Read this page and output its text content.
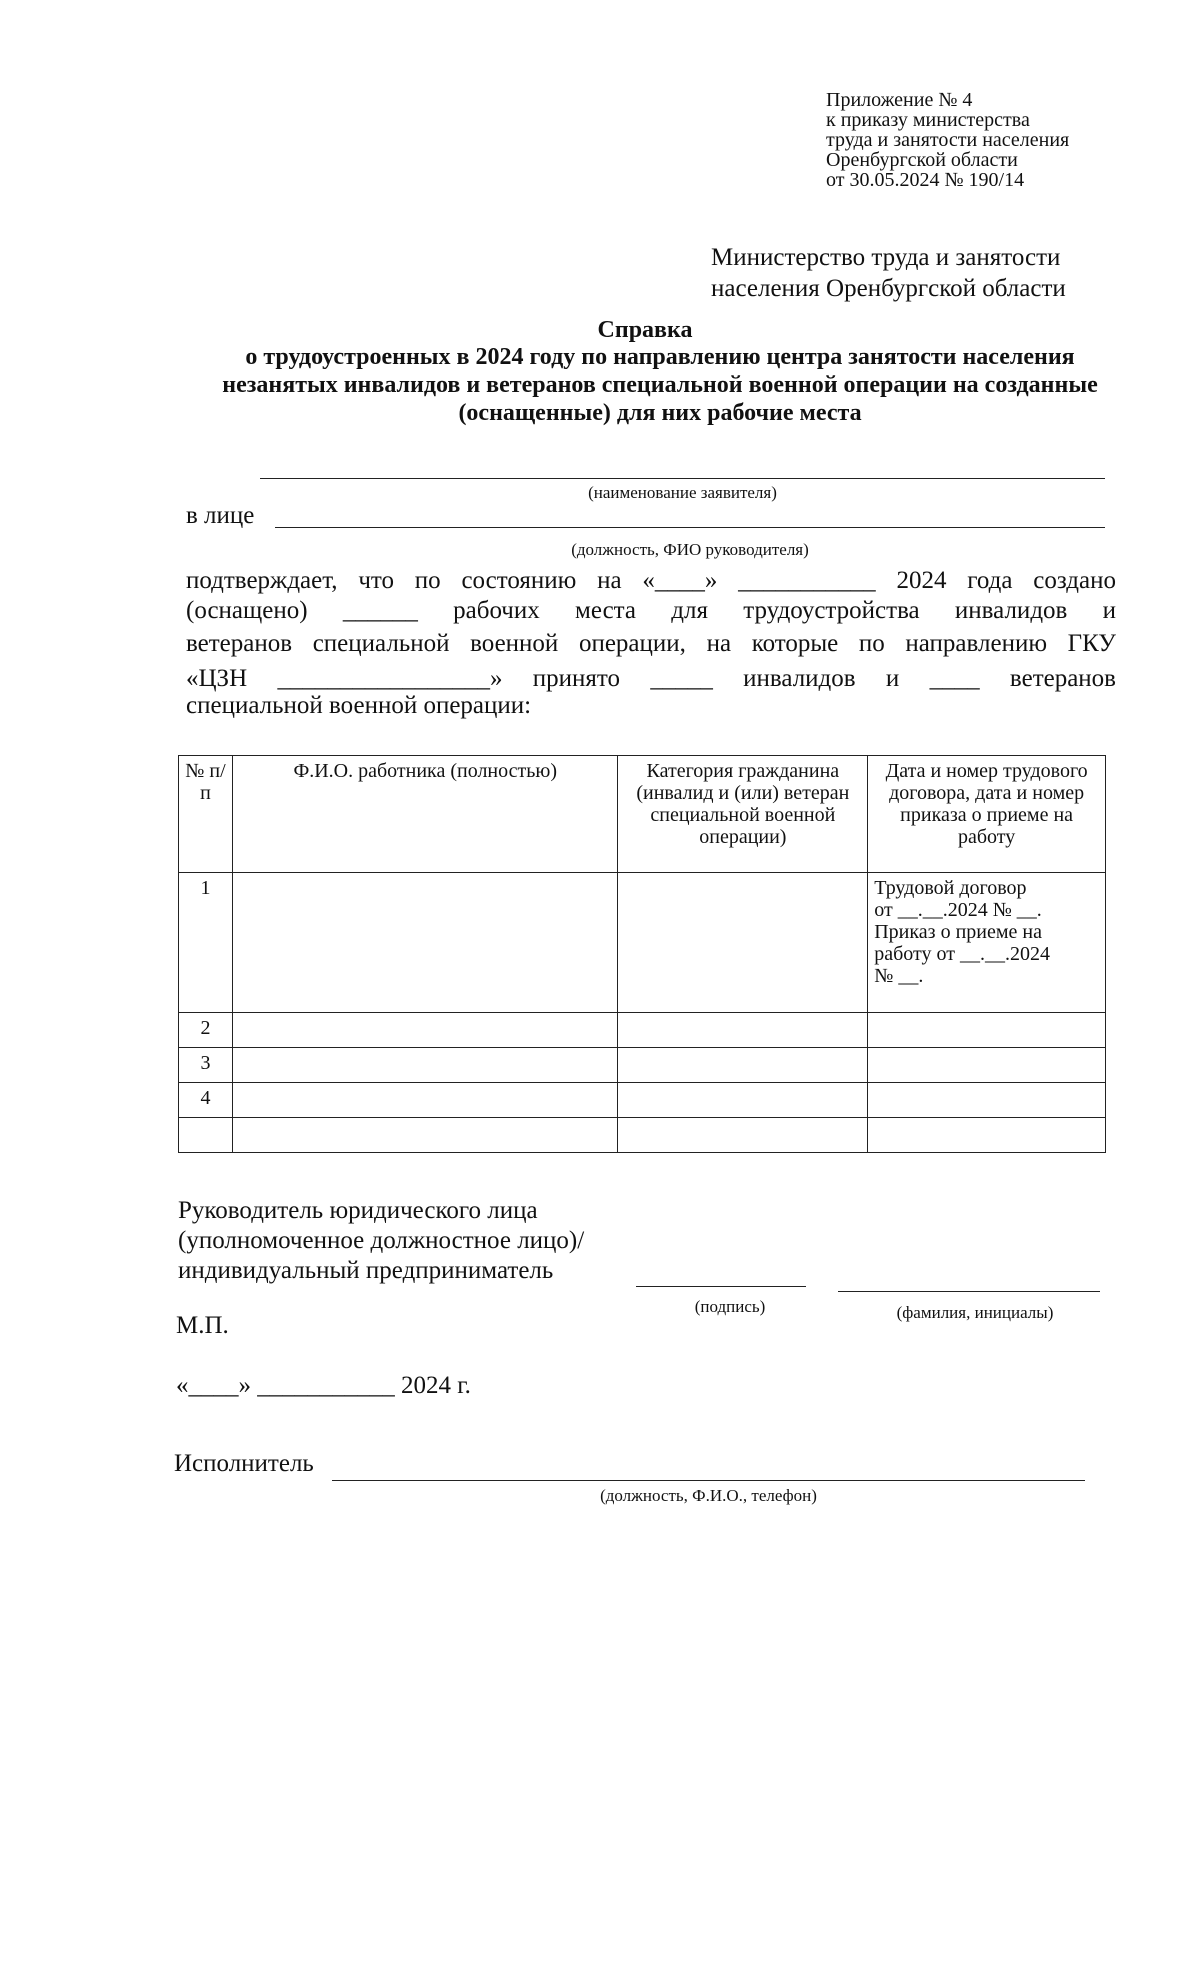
Приложение № 4
к приказу министерства
труда и занятости населения
Оренбургской области
от 30.05.2024 № 190/14
Министерство труда и занятости
населения Оренбургской области
Справка
о трудоустроенных в 2024 году по направлению центра занятости населения незанятых инвалидов и ветеранов специальной военной операции на созданные (оснащенные) для них рабочие места
(наименование заявителя)
в лице
(должность, ФИО руководителя)
подтверждает, что по состоянию на «____» ___________ 2024 года создано
(оснащено) ______ рабочих места для трудоустройства инвалидов и
ветеранов специальной военной операции, на которые по направлению ГКУ
«ЦЗН _________________» принято _____ инвалидов и ____ ветеранов
специальной военной операции:
№ п/п	Ф.И.О. работника (полностью)	Категория гражданина (инвалид и (или) ветеран специальной военной операции)	Дата и номер трудового договора, дата и номер приказа о приеме на работу
1			Трудовой договор
от __.__.2024 № __.
Приказ о приеме на
работу от __.__.2024
№ __.

2			
3			
4			

Руководитель юридического лица
(уполномоченное должностное лицо)/
индивидуальный предприниматель
(подпись)	(фамилия, инициалы)
М.П.
«____» ___________ 2024 г.
Исполнитель
(должность, Ф.И.О., телефон)
